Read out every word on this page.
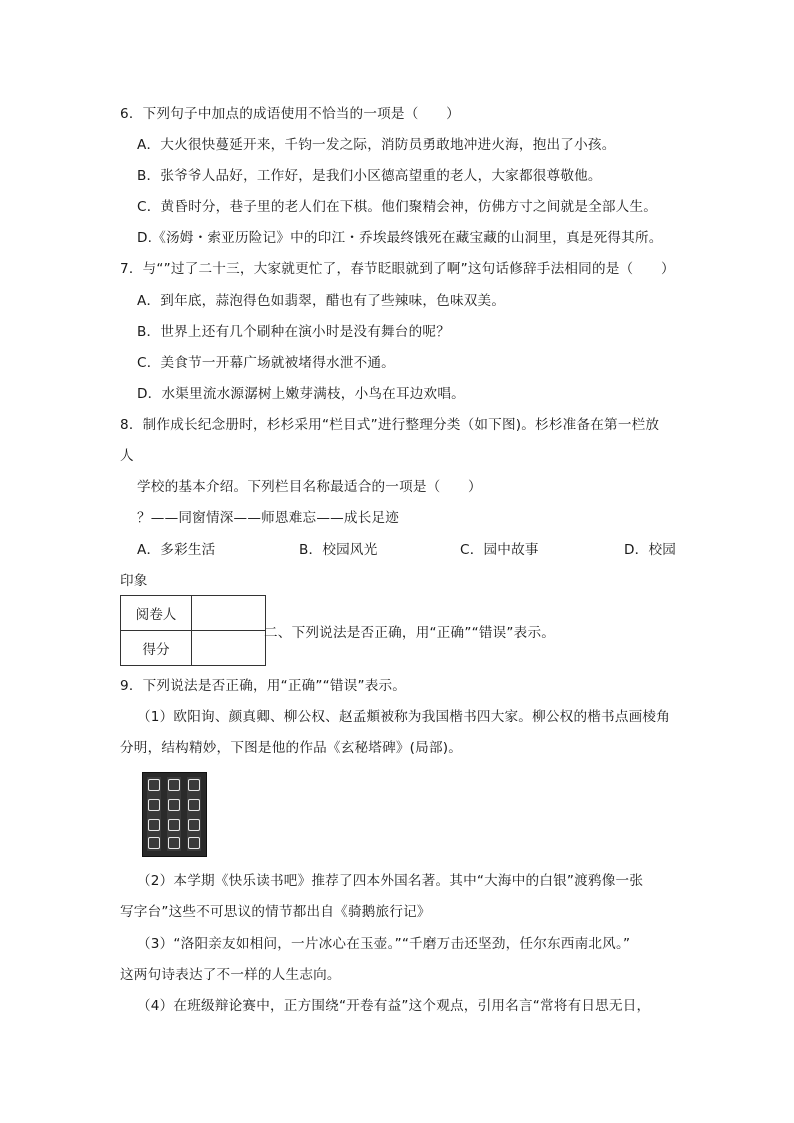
6．下列句子中加点的成语使用不恰当的一项是（　　）
A．大火很快蔓延开来，千钧一发之际，消防员勇敢地冲进火海，抱出了小孩。
B．张爷爷人品好，工作好，是我们小区德高望重的老人，大家都很尊敬他。
C．黄昏时分，巷子里的老人们在下棋。他们聚精会神，仿佛方寸之间就是全部人生。
D.《汤姆・索亚历险记》中的印江・乔埃最终饿死在藏宝藏的山洞里，真是死得其所。
7．与“”过了二十三，大家就更忙了，春节眨眼就到了啊”这句话修辞手法相同的是（　　）
A．到年底，蒜泡得色如翡翠，醋也有了些辣味，色味双美。
B．世界上还有几个刷种在演小时是没有舞台的呢？
C．美食节一开幕广场就被堵得水泄不通。
D．水渠里流水源潺树上嫩芽满枝，小鸟在耳边欢唱。
8．制作成长纪念册时，杉杉采用“栏目式”进行整理分类（如下图)。杉杉准备在第一栏放
人
学校的基本介绍。下列栏目名称最适合的一项是（　　）
？——同窗情深——师恩难忘——成长足迹
A．多彩生活	B．校园风光	C．园中故事	D．校园
印象
阅卷人	
得分	
二、下列说法是否正确，用“正确”“错误”表示。
9．下列说法是否正确，用“正确”“错误”表示。
（1）欧阳询、颜真卿、柳公权、赵孟頫被称为我国楷书四大家。柳公权的楷书点画棱角
分明，结构精妙，下图是他的作品《玄秘塔碑》(局部)。
（2）本学期《快乐读书吧》推荐了四本外国名著。其中“大海中的白银”渡鸦像一张
写字台”这些不可思议的情节都出自《骑鹅旅行记》
（3）“洛阳亲友如相问，一片冰心在玉壶。”“千磨万击还坚劲，任尔东西南北风。”
这两句诗表达了不一样的人生志向。
（4）在班级辩论赛中，正方围绕“开卷有益”这个观点，引用名言“常将有日思无日，
